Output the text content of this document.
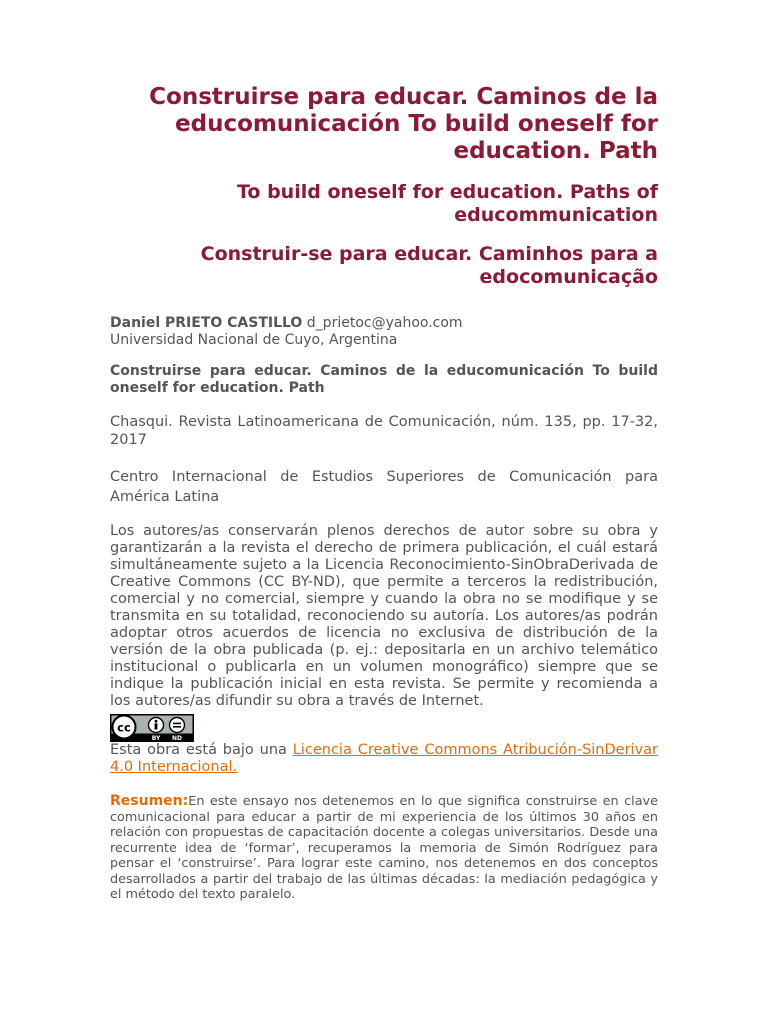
Construirse para educar. Caminos de la educomunicación To build oneself for education. Path
To build oneself for education. Paths of educommunication
Construir-se para educar. Caminhos para a edocomunicação
Daniel PRIETO CASTILLO d_prietoc@yahoo.com
Universidad Nacional de Cuyo, Argentina
Construirse para educar. Caminos de la educomunicación To build oneself for education. Path
Chasqui. Revista Latinoamericana de Comunicación, núm. 135, pp. 17-32, 2017
Centro Internacional de Estudios Superiores de Comunicación para América Latina
Los autores/as conservarán plenos derechos de autor sobre su obra y garantizarán a la revista el derecho de primera publicación, el cuál estará simultáneamente sujeto a la Licencia Reconocimiento-SinObraDerivada de Creative Commons (CC BY-ND), que permite a terceros la redistribución, comercial y no comercial, siempre y cuando la obra no se modifique y se transmita en su totalidad, reconociendo su autoría. Los autores/as podrán adoptar otros acuerdos de licencia no exclusiva de distribución de la versión de la obra publicada (p. ej.: depositarla en un archivo telemático institucional o publicarla en un volumen monográfico) siempre que se indique la publicación inicial en esta revista. Se permite y recomienda a los autores/as difundir su obra a través de Internet.
cc
BY ND
Esta obra está bajo una Licencia Creative Commons Atribución-SinDerivar 4.0 Internacional.
Resumen:En este ensayo nos detenemos en lo que significa construirse en clave comunicacional para educar a partir de mi experiencia de los últimos 30 años en relación con propuestas de capacitación docente a colegas universitarios. Desde una recurrente idea de ‘formar’, recuperamos la memoria de Simón Rodríguez para pensar el ‘construirse’. Para lograr este camino, nos detenemos en dos conceptos desarrollados a partir del trabajo de las últimas décadas: la mediación pedagógica y el método del texto paralelo.
